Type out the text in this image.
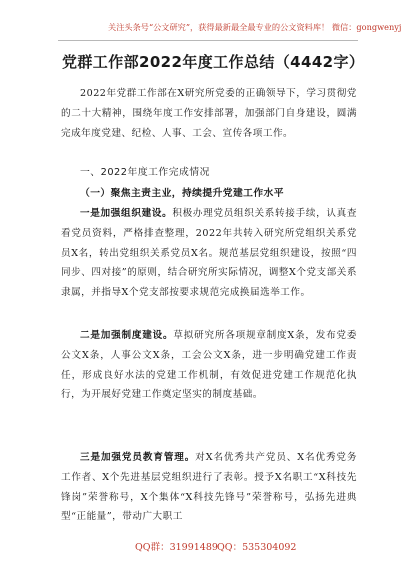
关注头条号“公文研究”，获得最新最全最专业的公文资料库！ 微信：gongwenyj
党群工作部2022年度工作总结（4442字）
2022年党群工作部在X研究所党委的正确领导下，学习贯彻党的二十大精神，围绕年度工作安排部署，加强部门自身建设，圆满完成年度党建、纪检、人事、工会、宣传各项工作。
一、2022年度工作完成情况
（一）聚焦主责主业，持续提升党建工作水平
一是加强组织建设。积极办理党员组织关系转接手续，认真查看党员资料，严格排查整理，2022年共转入研究所党组织关系党员X名，转出党组织关系党员X名。规范基层党组织建设，按照“四同步、四对接”的原则，结合研究所实际情况，调整X个党支部关系隶属，并指导X个党支部按要求规范完成换届选举工作。
二是加强制度建设。草拟研究所各项规章制度X条，发布党委公文X条，人事公文X条，工会公文X条，进一步明确党建工作责任，形成良好水法的党建工作机制，有效促进党建工作规范化执行，为开展好党建工作奠定坚实的制度基础。
三是加强党员教育管理。对X名优秀共产党员、X名优秀党务工作者、X个先进基层党组织进行了表彰。授予X名职工“X科技先锋岗”荣誉称号，X个集体“X科技先锋号”荣誉称号，弘扬先进典型“正能量”，带动广大职工
QQ群：31991489 QQ：535304092
